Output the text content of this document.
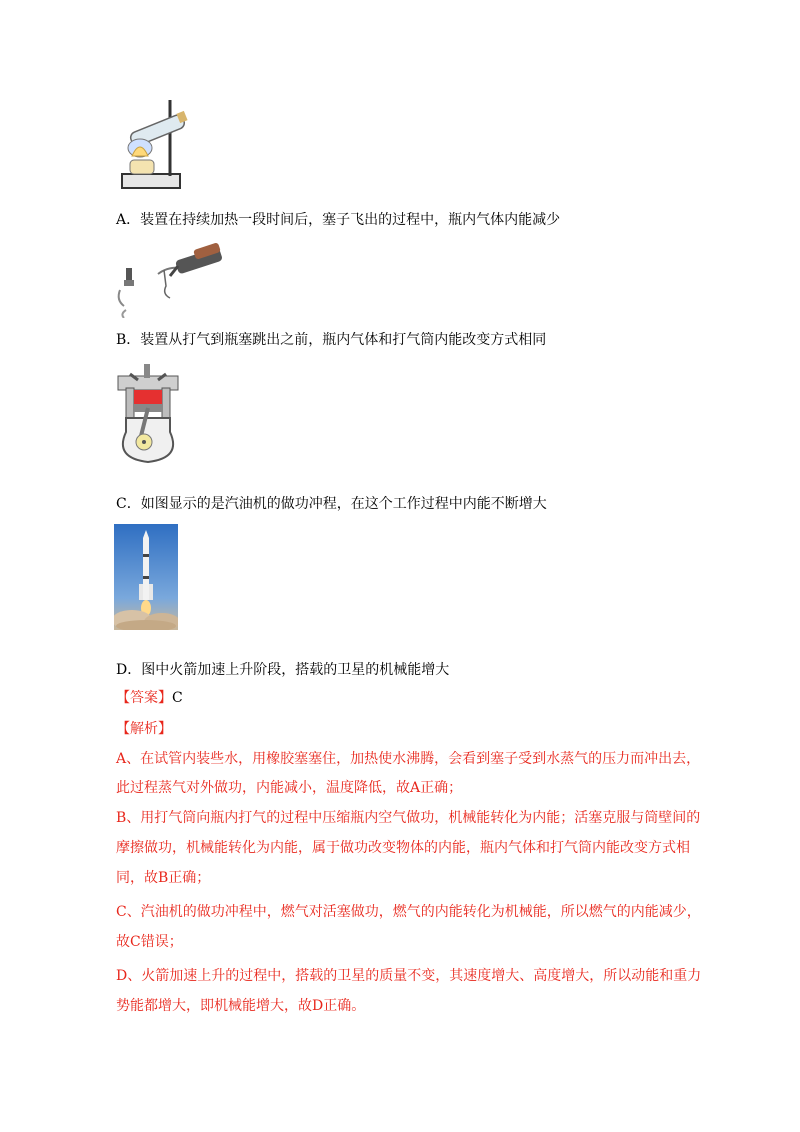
A．装置在持续加热一段时间后，塞子飞出的过程中，瓶内气体内能减少
B．装置从打气到瓶塞跳出之前，瓶内气体和打气筒内能改变方式相同
C．如图显示的是汽油机的做功冲程，在这个工作过程中内能不断增大
D．图中火箭加速上升阶段，搭载的卫星的机械能增大
【答案】C
【解析】
A、在试管内装些水，用橡胶塞塞住，加热使水沸腾，会看到塞子受到水蒸气的压力而冲出去，
此过程蒸气对外做功，内能减小，温度降低，故A正确；
B、用打气筒向瓶内打气的过程中压缩瓶内空气做功，机械能转化为内能；活塞克服与筒壁间的
摩擦做功，机械能转化为内能，属于做功改变物体的内能，瓶内气体和打气筒内能改变方式相
同，故B正确；
C、汽油机的做功冲程中，燃气对活塞做功，燃气的内能转化为机械能，所以燃气的内能减少，
故C错误；
D、火箭加速上升的过程中，搭载的卫星的质量不变，其速度增大、高度增大，所以动能和重力
势能都增大，即机械能增大，故D正确。
